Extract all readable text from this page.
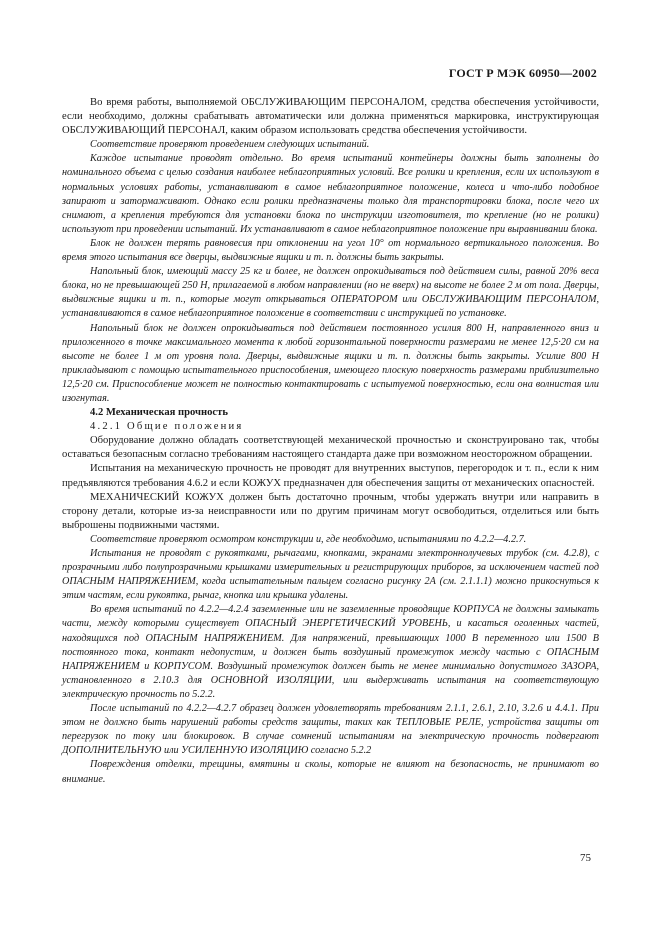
ГОСТ Р МЭК 60950—2002

Во время работы, выполняемой ОБСЛУЖИВАЮЩИМ ПЕРСОНАЛОМ, средства обеспечения устойчивости, если необходимо, должны срабатывать автоматически или должна применяться маркировка, инструктирующая ОБСЛУЖИВАЮЩИЙ ПЕРСОНАЛ, каким образом использовать средства обеспечения устойчивости.

Соответствие проверяют проведением следующих испытаний.

Каждое испытание проводят отдельно. Во время испытаний контейнеры должны быть заполнены до номинального объема с целью создания наиболее неблагоприятных условий. Все ролики и крепления, если их используют в нормальных условиях работы, устанавливают в самое неблагоприятное положение, колеса и что-либо подобное запирают и затормаживают. Однако если ролики предназначены только для транспортировки блока, после чего их снимают, а крепления требуются для установки блока по инструкции изготовителя, то крепление (но не ролики) используют при проведении испытаний. Их устанавливают в самое неблагоприятное положение при выравнивании блока.

Блок не должен терять равновесия при отклонении на угол 10° от нормального вертикального положения. Во время этого испытания все дверцы, выдвижные ящики и т. п. должны быть закрыты.

Напольный блок, имеющий массу 25 кг и более, не должен опрокидываться под действием силы, равной 20% веса блока, но не превышающей 250 Н, прилагаемой в любом направлении (но не вверх) на высоте не более 2 м от пола. Дверцы, выдвижные ящики и т. п., которые могут открываться ОПЕРАТОРОМ или ОБСЛУЖИВАЮЩИМ ПЕРСОНАЛОМ, устанавливаются в самое неблагоприятное положение в соответствии с инструкцией по установке.

Напольный блок не должен опрокидываться под действием постоянного усилия 800 Н, направленного вниз и приложенного в точке максимального момента к любой горизонтальной поверхности размерами не менее 12,5·20 см на высоте не более 1 м от уровня пола. Дверцы, выдвижные ящики и т. п. должны быть закрыты. Усилие 800 Н прикладывают с помощью испытательного приспособления, имеющего плоскую поверхность размерами приблизительно 12,5·20 см. Приспособление может не полностью контактировать с испытуемой поверхностью, если она волнистая или изогнутая.

4.2 Механическая прочность

4.2.1 Общие положения

Оборудование должно обладать соответствующей механической прочностью и сконструировано так, чтобы оставаться безопасным согласно требованиям настоящего стандарта даже при возможном неосторожном обращении.

Испытания на механическую прочность не проводят для внутренних выступов, перегородок и т. п., если к ним предъявляются требования 4.6.2 и если КОЖУХ предназначен для обеспечения защиты от механических опасностей.

МЕХАНИЧЕСКИЙ КОЖУХ должен быть достаточно прочным, чтобы удержать внутри или направить в сторону детали, которые из-за неисправности или по другим причинам могут освободиться, отделиться или быть выброшены подвижными частями.

Соответствие проверяют осмотром конструкции и, где необходимо, испытаниями по 4.2.2—4.2.7.

Испытания не проводят с рукоятками, рычагами, кнопками, экранами электроннолучевых трубок (см. 4.2.8), с прозрачными либо полупрозрачными крышками измерительных и регистрирующих приборов, за исключением частей под ОПАСНЫМ НАПРЯЖЕНИЕМ, когда испытательным пальцем согласно рисунку 2А (см. 2.1.1.1) можно прикоснуться к этим частям, если рукоятка, рычаг, кнопка или крышка удалены.

Во время испытаний по 4.2.2—4.2.4 заземленные или не заземленные проводящие КОРПУСА не должны замыкать части, между которыми существует ОПАСНЫЙ ЭНЕРГЕТИЧЕСКИЙ УРОВЕНЬ, и касаться оголенных частей, находящихся под ОПАСНЫМ НАПРЯЖЕНИЕМ. Для напряжений, превышающих 1000 В переменного или 1500 В постоянного тока, контакт недопустим, и должен быть воздушный промежуток между частью с ОПАСНЫМ НАПРЯЖЕНИЕМ и КОРПУСОМ. Воздушный промежуток должен быть не менее минимально допустимого ЗАЗОРА, установленного в 2.10.3 для ОСНОВНОЙ ИЗОЛЯЦИИ, или выдерживать испытания на соответствующую электрическую прочность по 5.2.2.

После испытаний по 4.2.2—4.2.7 образец должен удовлетворять требованиям 2.1.1, 2.6.1, 2.10, 3.2.6 и 4.4.1. При этом не должно быть нарушений работы средств защиты, таких как ТЕПЛОВЫЕ РЕЛЕ, устройства защиты от перегрузок по току или блокировок. В случае сомнений испытаниям на электрическую прочность подвергают ДОПОЛНИТЕЛЬНУЮ или УСИЛЕННУЮ ИЗОЛЯЦИЮ согласно 5.2.2

Повреждения отделки, трещины, вмятины и сколы, которые не влияют на безопасность, не принимают во внимание.

75
